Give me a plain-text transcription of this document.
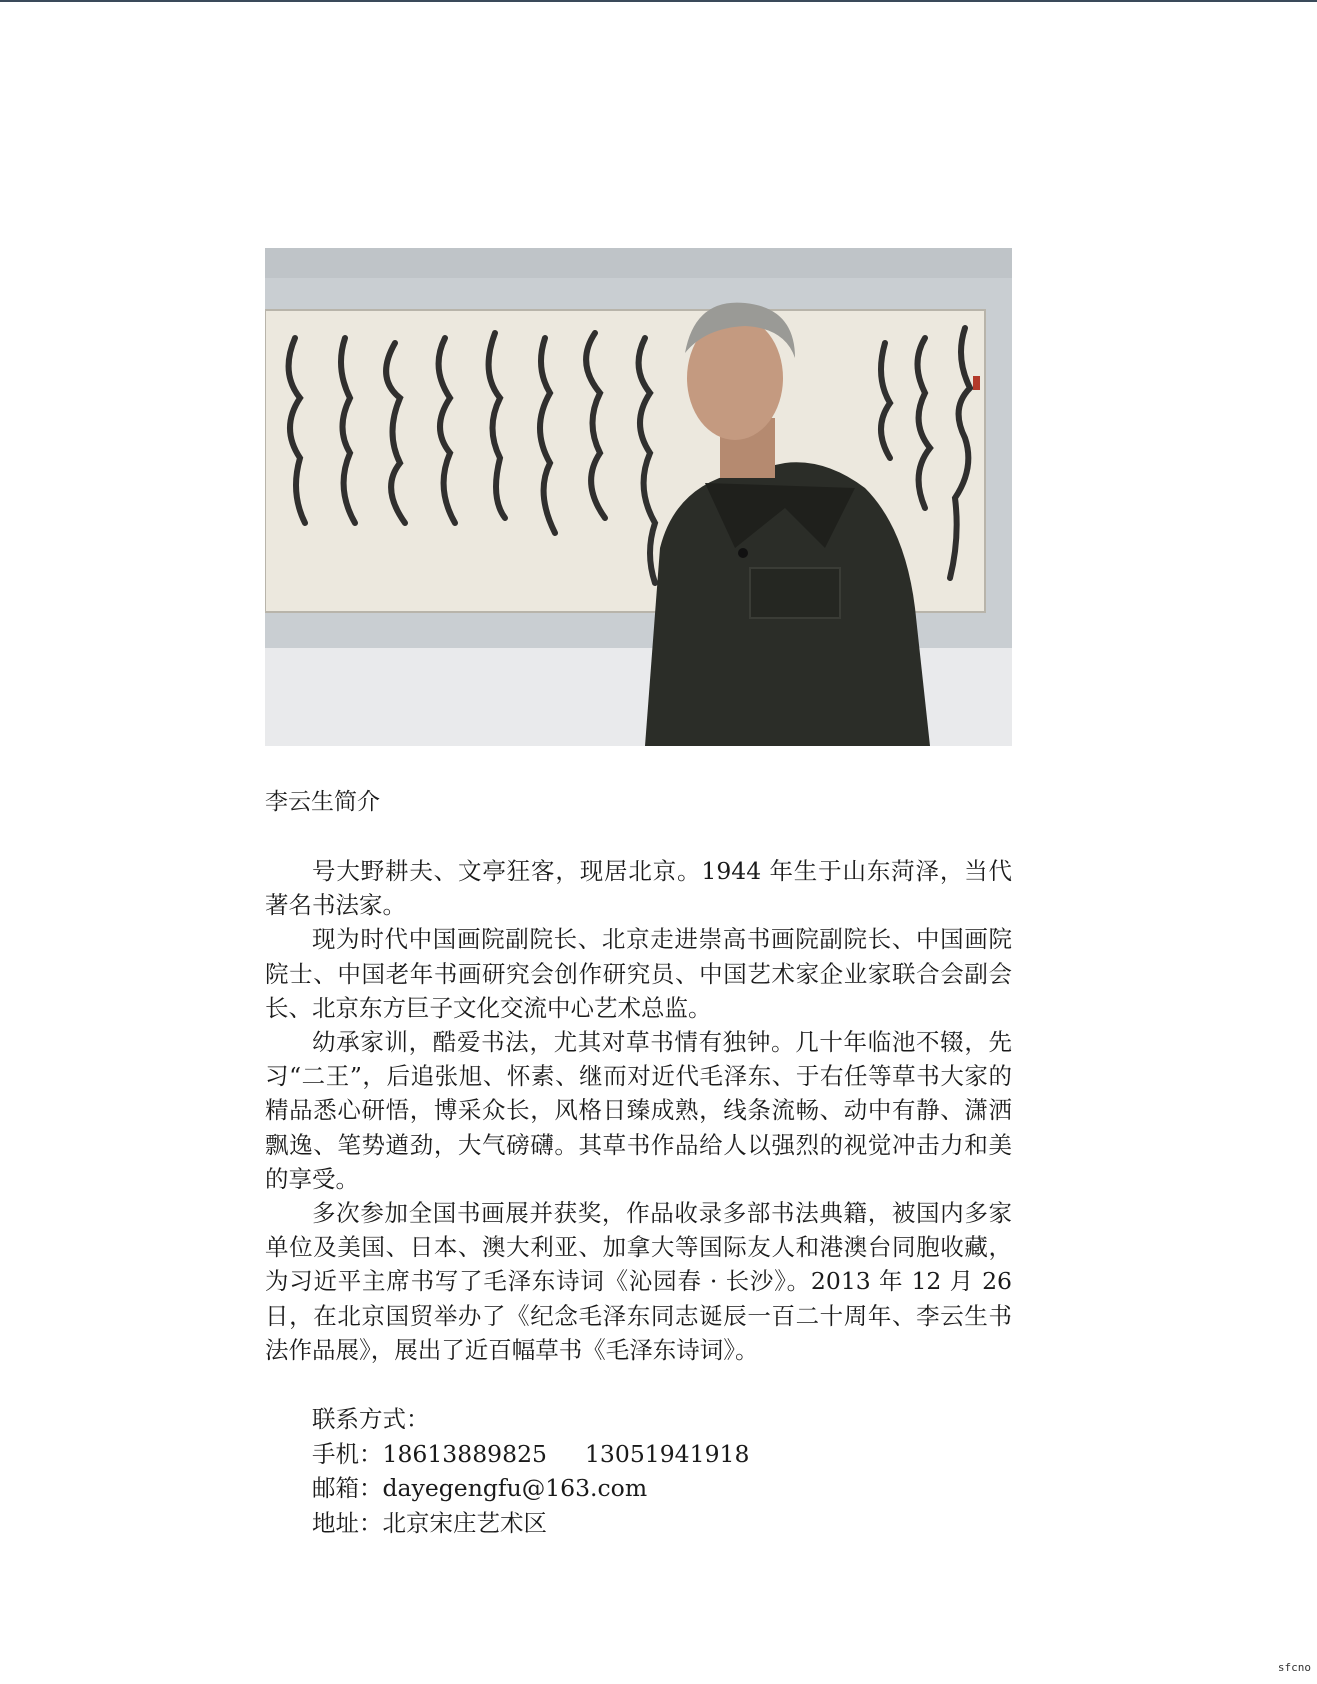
李云生简介

号大野耕夫、文亭狂客，现居北京。1944 年生于山东菏泽，当代著名书法家。

现为时代中国画院副院长、北京走进崇高书画院副院长、中国画院院士、中国老年书画研究会创作研究员、中国艺术家企业家联合会副会长、北京东方巨子文化交流中心艺术总监。

幼承家训，酷爱书法，尤其对草书情有独钟。几十年临池不辍，先习“二王”，后追张旭、怀素、继而对近代毛泽东、于右任等草书大家的精品悉心研悟，博采众长，风格日臻成熟，线条流畅、动中有静、潇洒飘逸、笔势遒劲，大气磅礴。其草书作品给人以强烈的视觉冲击力和美的享受。

多次参加全国书画展并获奖，作品收录多部书法典籍，被国内多家单位及美国、日本、澳大利亚、加拿大等国际友人和港澳台同胞收藏，为习近平主席书写了毛泽东诗词《沁园春 · 长沙》。2013 年 12 月 26 日，在北京国贸举办了《纪念毛泽东同志诞辰一百二十周年、李云生书法作品展》，展出了近百幅草书《毛泽东诗词》。

联系方式：
手机：18613889825 13051941918
邮箱：dayegengfu@163.com
地址：北京宋庄艺术区
sfcno
